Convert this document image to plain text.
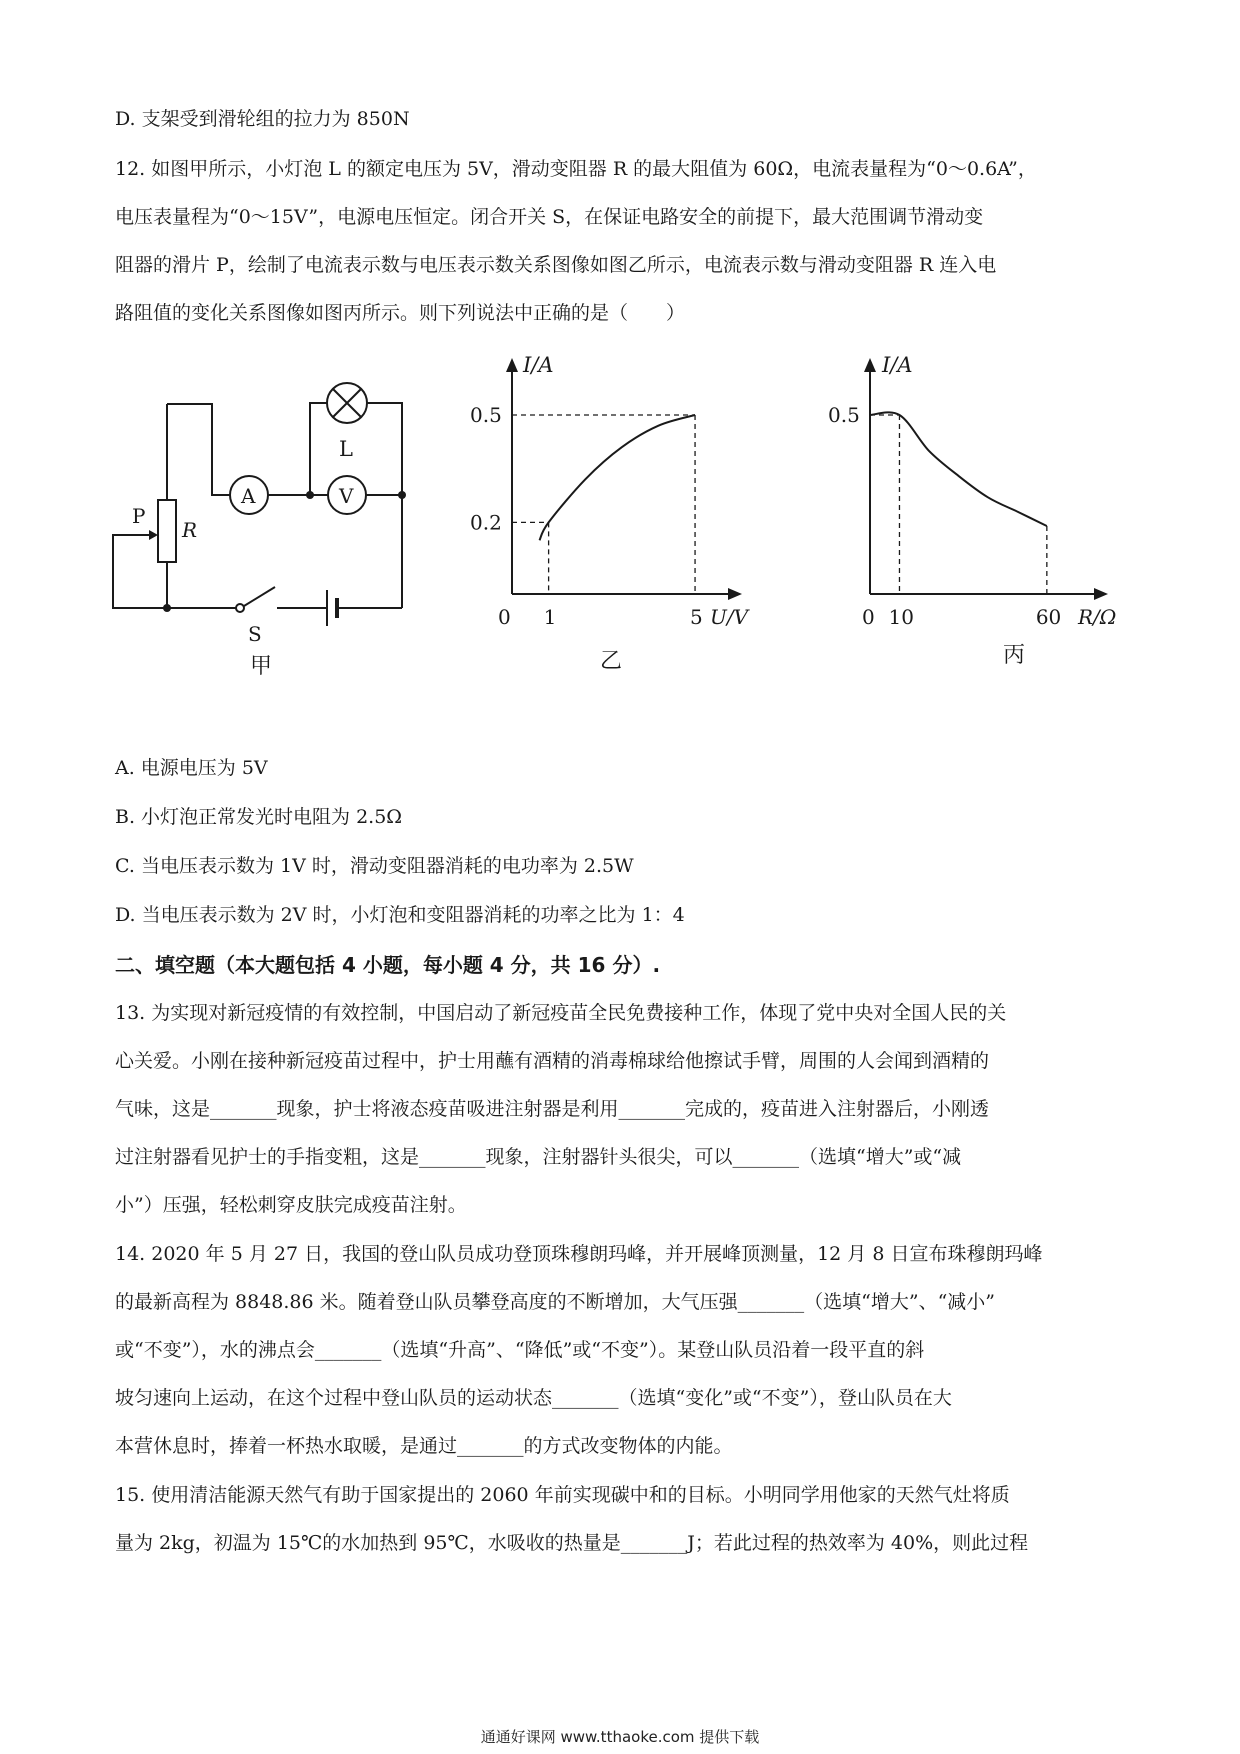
D. 支架受到滑轮组的拉力为 850N
12. 如图甲所示，小灯泡 L 的额定电压为 5V，滑动变阻器 R 的最大阻值为 60Ω，电流表量程为“0～0.6A”，
电压表量程为“0～15V”，电源电压恒定。闭合开关 S，在保证电路安全的前提下，最大范围调节滑动变
阻器的滑片 P，绘制了电流表示数与电压表示数关系图像如图乙所示，电流表示数与滑动变阻器 R 连入电
路阻值的变化关系图像如图丙所示。则下列说法中正确的是（　　）
L
A	V
P
R
S
甲
I/A
U/V
乙
0 1	5
0.2
0.5
I/A
R/Ω
丙
0 10	60
0.5
A. 电源电压为 5V
B. 小灯泡正常发光时电阻为 2.5Ω
C. 当电压表示数为 1V 时，滑动变阻器消耗的电功率为 2.5W
D. 当电压表示数为 2V 时，小灯泡和变阻器消耗的功率之比为 1：4
二、填空题（本大题包括 4 小题，每小题 4 分，共 16 分）.
13. 为实现对新冠疫情的有效控制，中国启动了新冠疫苗全民免费接种工作，体现了党中央对全国人民的关
心关爱。小刚在接种新冠疫苗过程中，护士用蘸有酒精的消毒棉球给他擦试手臂，周围的人会闻到酒精的
气味，这是_______现象，护士将液态疫苗吸进注射器是利用_______完成的，疫苗进入注射器后，小刚透
过注射器看见护士的手指变粗，这是_______现象，注射器针头很尖，可以_______（选填“增大”或“减
小”）压强，轻松刺穿皮肤完成疫苗注射。
14. 2020 年 5 月 27 日，我国的登山队员成功登顶珠穆朗玛峰，并开展峰顶测量，12 月 8 日宣布珠穆朗玛峰
的最新高程为 8848.86 米。随着登山队员攀登高度的不断增加，大气压强_______（选填“增大”、“减小”
或“不变”），水的沸点会_______（选填“升高”、“降低”或“不变”）。某登山队员沿着一段平直的斜
坡匀速向上运动，在这个过程中登山队员的运动状态_______（选填“变化”或“不变”），登山队员在大
本营休息时，捧着一杯热水取暖，是通过_______的方式改变物体的内能。
15. 使用清洁能源天然气有助于国家提出的 2060 年前实现碳中和的目标。小明同学用他家的天然气灶将质
量为 2kg，初温为 15℃的水加热到 95℃，水吸收的热量是_______J；若此过程的热效率为 40%，则此过程
通通好课网 www.tthaoke.com 提供下载
